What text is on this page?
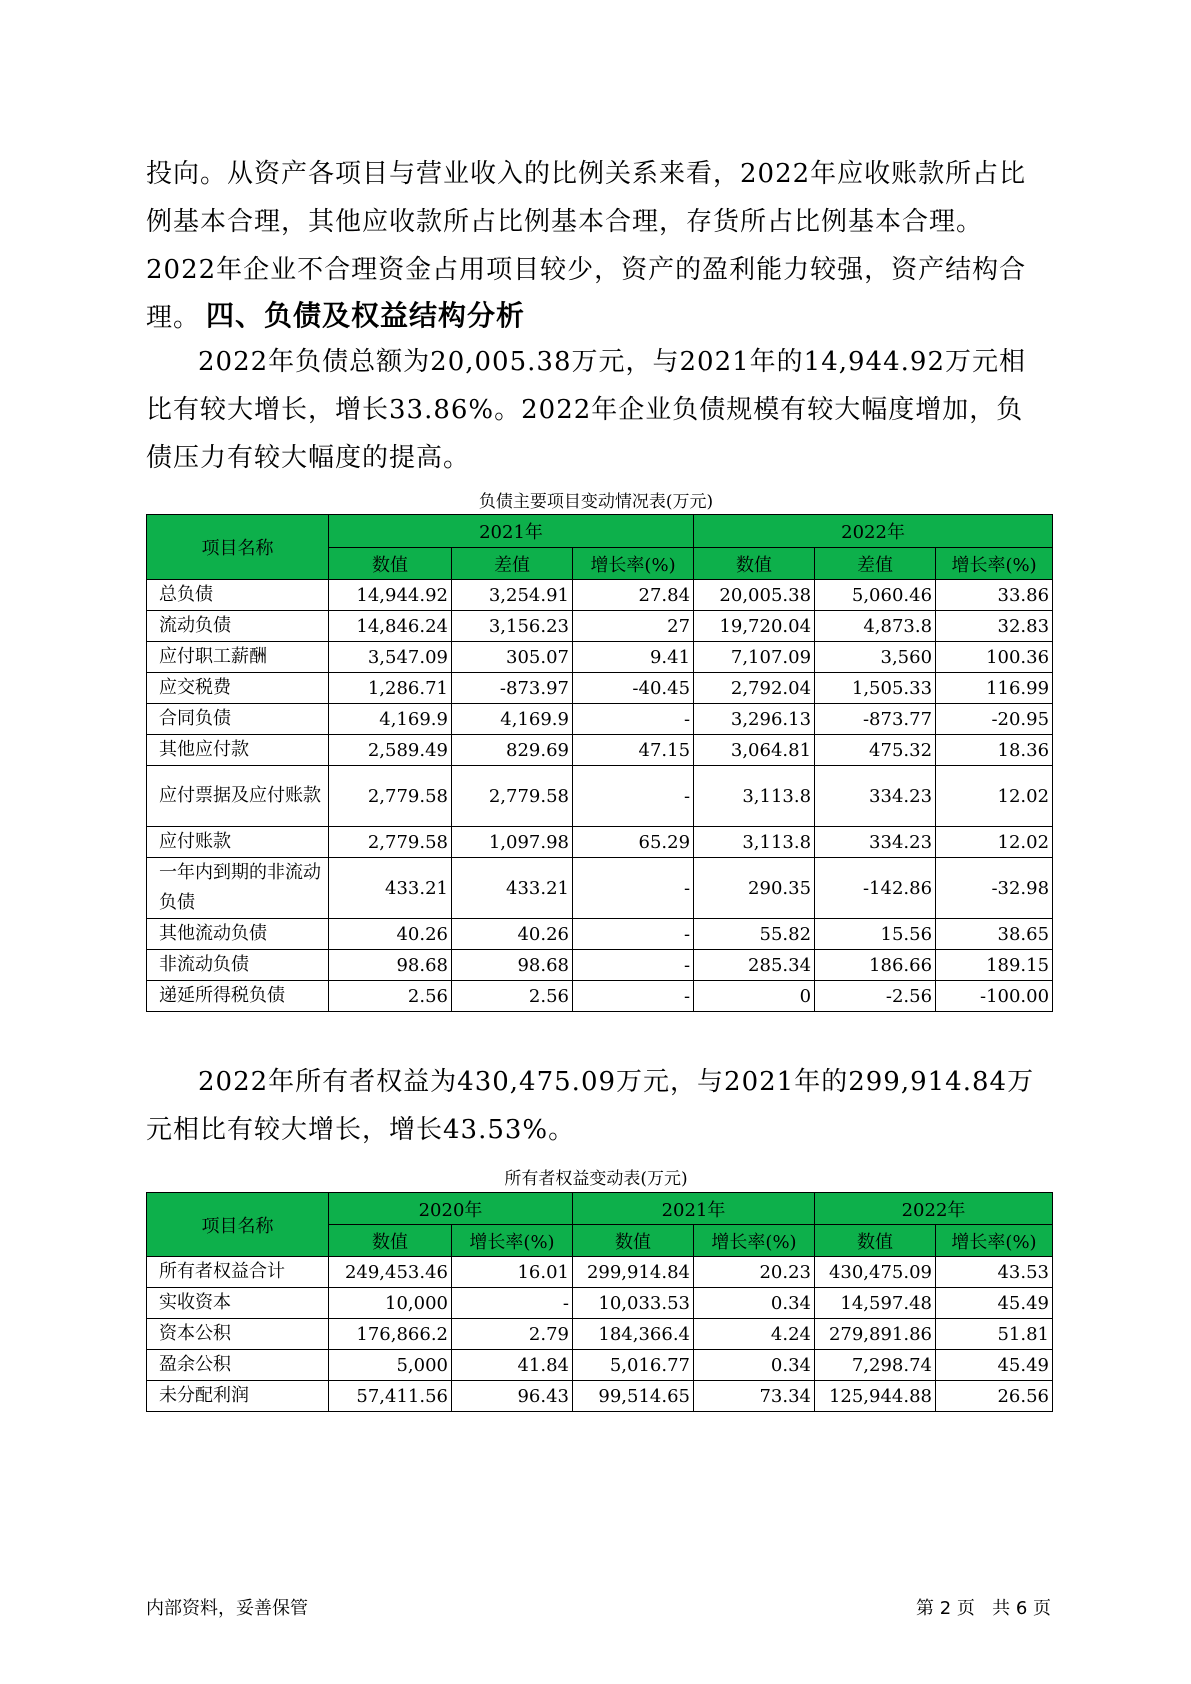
投向。从资产各项目与营业收入的比例关系来看，2022年应收账款所占比例基本合理，其他应收款所占比例基本合理，存货所占比例基本合理。2022年企业不合理资金占用项目较少，资产的盈利能力较强，资产结构合理。 四、负债及权益结构分析

2022年负债总额为20,005.38万元，与2021年的14,944.92万元相比有较大增长，增长33.86%。2022年企业负债规模有较大幅度增加，负债压力有较大幅度的提高。

负债主要项目变动情况表(万元)
项目名称	2021年			2022年		
	数值	差值	增长率(%)	数值	差值	增长率(%)
总负债	14,944.92	3,254.91	27.84	20,005.38	5,060.46	33.86
流动负债	14,846.24	3,156.23	27	19,720.04	4,873.8	32.83
应付职工薪酬	3,547.09	305.07	9.41	7,107.09	3,560	100.36
应交税费	1,286.71	-873.97	-40.45	2,792.04	1,505.33	116.99
合同负债	4,169.9	4,169.9	-	3,296.13	-873.77	-20.95
其他应付款	2,589.49	829.69	47.15	3,064.81	475.32	18.36
应付票据及应付账款	2,779.58	2,779.58	-	3,113.8	334.23	12.02
应付账款	2,779.58	1,097.98	65.29	3,113.8	334.23	12.02
一年内到期的非流动负债	433.21	433.21	-	290.35	-142.86	-32.98
其他流动负债	40.26	40.26	-	55.82	15.56	38.65
非流动负债	98.68	98.68	-	285.34	186.66	189.15
递延所得税负债	2.56	2.56	-	0	-2.56	-100.00

2022年所有者权益为430,475.09万元，与2021年的299,914.84万元相比有较大增长，增长43.53%。

所有者权益变动表(万元)
项目名称	2020年		2021年		2022年	
	数值	增长率(%)	数值	增长率(%)	数值	增长率(%)
所有者权益合计	249,453.46	16.01	299,914.84	20.23	430,475.09	43.53
实收资本	10,000	-	10,033.53	0.34	14,597.48	45.49
资本公积	176,866.2	2.79	184,366.4	4.24	279,891.86	51.81
盈余公积	5,000	41.84	5,016.77	0.34	7,298.74	45.49
未分配利润	57,411.56	96.43	99,514.65	73.34	125,944.88	26.56
内部资料，妥善保管	第 2 页   共 6 页
